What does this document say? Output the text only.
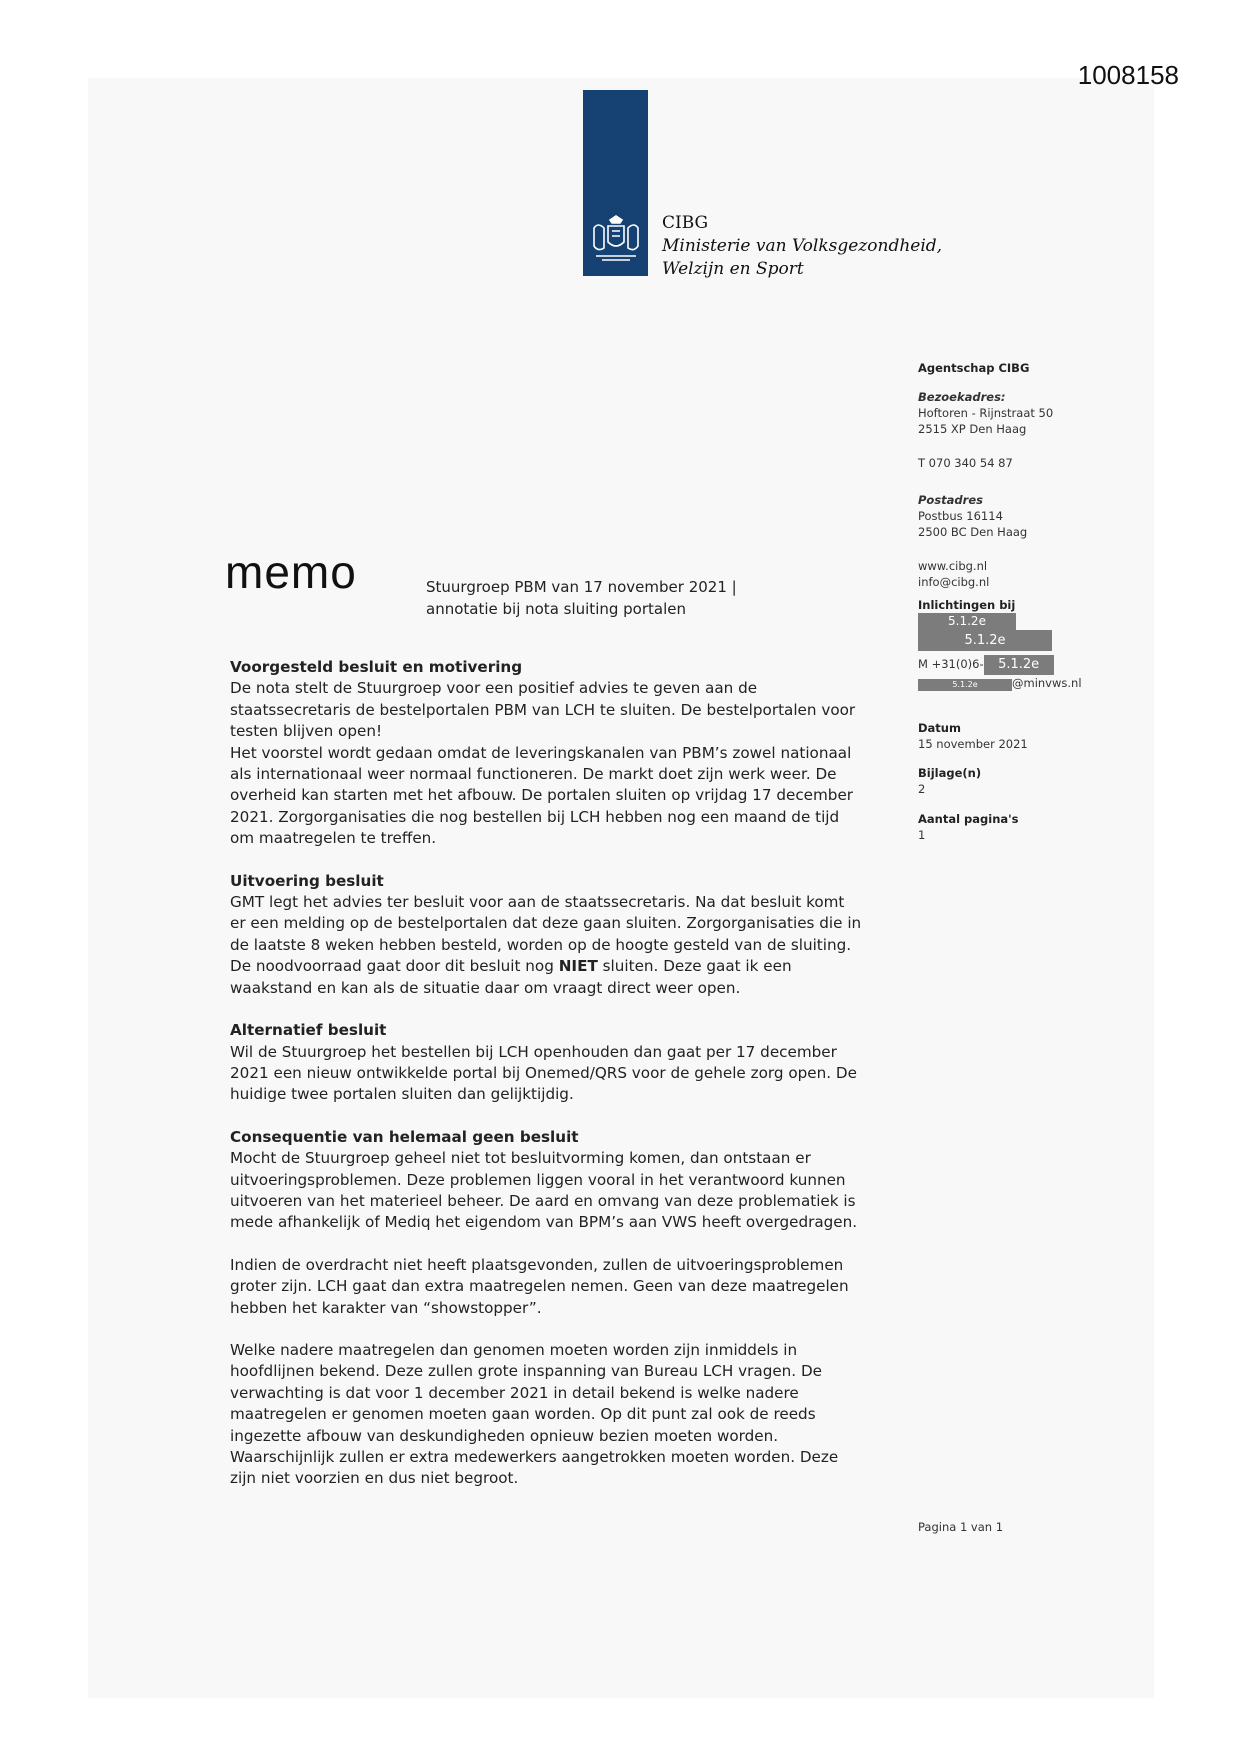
1008158
CIBG
Ministerie van Volksgezondheid,
Welzijn en Sport
memo	Stuurgroep PBM van 17 november 2021 |
annotatie bij nota sluiting portalen
Agentschap CIBG
Bezoekadres:
Hoftoren - Rijnstraat 50
2515 XP Den Haag
T 070 340 54 87
Postadres
Postbus 16114
2500 BC Den Haag
www.cibg.nl
info@cibg.nl
Inlichtingen bij
5.1.2e
5.1.2e
M +31(0)6- 5.1.2e
5.1.2e	@minvws.nl
Datum
15 november 2021
Bijlage(n)
2
Aantal pagina's
1
Voorgesteld besluit en motivering

De nota stelt de Stuurgroep voor een positief advies te geven aan de

staatssecretaris de bestelportalen PBM van LCH te sluiten. De bestelportalen voor

testen blijven open!

Het voorstel wordt gedaan omdat de leveringskanalen van PBM’s zowel nationaal

als internationaal weer normaal functioneren. De markt doet zijn werk weer. De

overheid kan starten met het afbouw. De portalen sluiten op vrijdag 17 december

2021. Zorgorganisaties die nog bestellen bij LCH hebben nog een maand de tijd

om maatregelen te treffen.

Uitvoering besluit

GMT legt het advies ter besluit voor aan de staatssecretaris. Na dat besluit komt

er een melding op de bestelportalen dat deze gaan sluiten. Zorgorganisaties die in

de laatste 8 weken hebben besteld, worden op de hoogte gesteld van de sluiting.

De noodvoorraad gaat door dit besluit nog NIET sluiten. Deze gaat ik een

waakstand en kan als de situatie daar om vraagt direct weer open.

Alternatief besluit

Wil de Stuurgroep het bestellen bij LCH openhouden dan gaat per 17 december

2021 een nieuw ontwikkelde portal bij Onemed/QRS voor de gehele zorg open. De

huidige twee portalen sluiten dan gelijktijdig.

Consequentie van helemaal geen besluit

Mocht de Stuurgroep geheel niet tot besluitvorming komen, dan ontstaan er

uitvoeringsproblemen. Deze problemen liggen vooral in het verantwoord kunnen

uitvoeren van het materieel beheer. De aard en omvang van deze problematiek is

mede afhankelijk of Mediq het eigendom van BPM’s aan VWS heeft overgedragen.

Indien de overdracht niet heeft plaatsgevonden, zullen de uitvoeringsproblemen

groter zijn. LCH gaat dan extra maatregelen nemen. Geen van deze maatregelen

hebben het karakter van “showstopper”.

Welke nadere maatregelen dan genomen moeten worden zijn inmiddels in

hoofdlijnen bekend. Deze zullen grote inspanning van Bureau LCH vragen. De

verwachting is dat voor 1 december 2021 in detail bekend is welke nadere

maatregelen er genomen moeten gaan worden. Op dit punt zal ook de reeds

ingezette afbouw van deskundigheden opnieuw bezien moeten worden.

Waarschijnlijk zullen er extra medewerkers aangetrokken moeten worden. Deze

zijn niet voorzien en dus niet begroot.

Pagina 1 van 1
